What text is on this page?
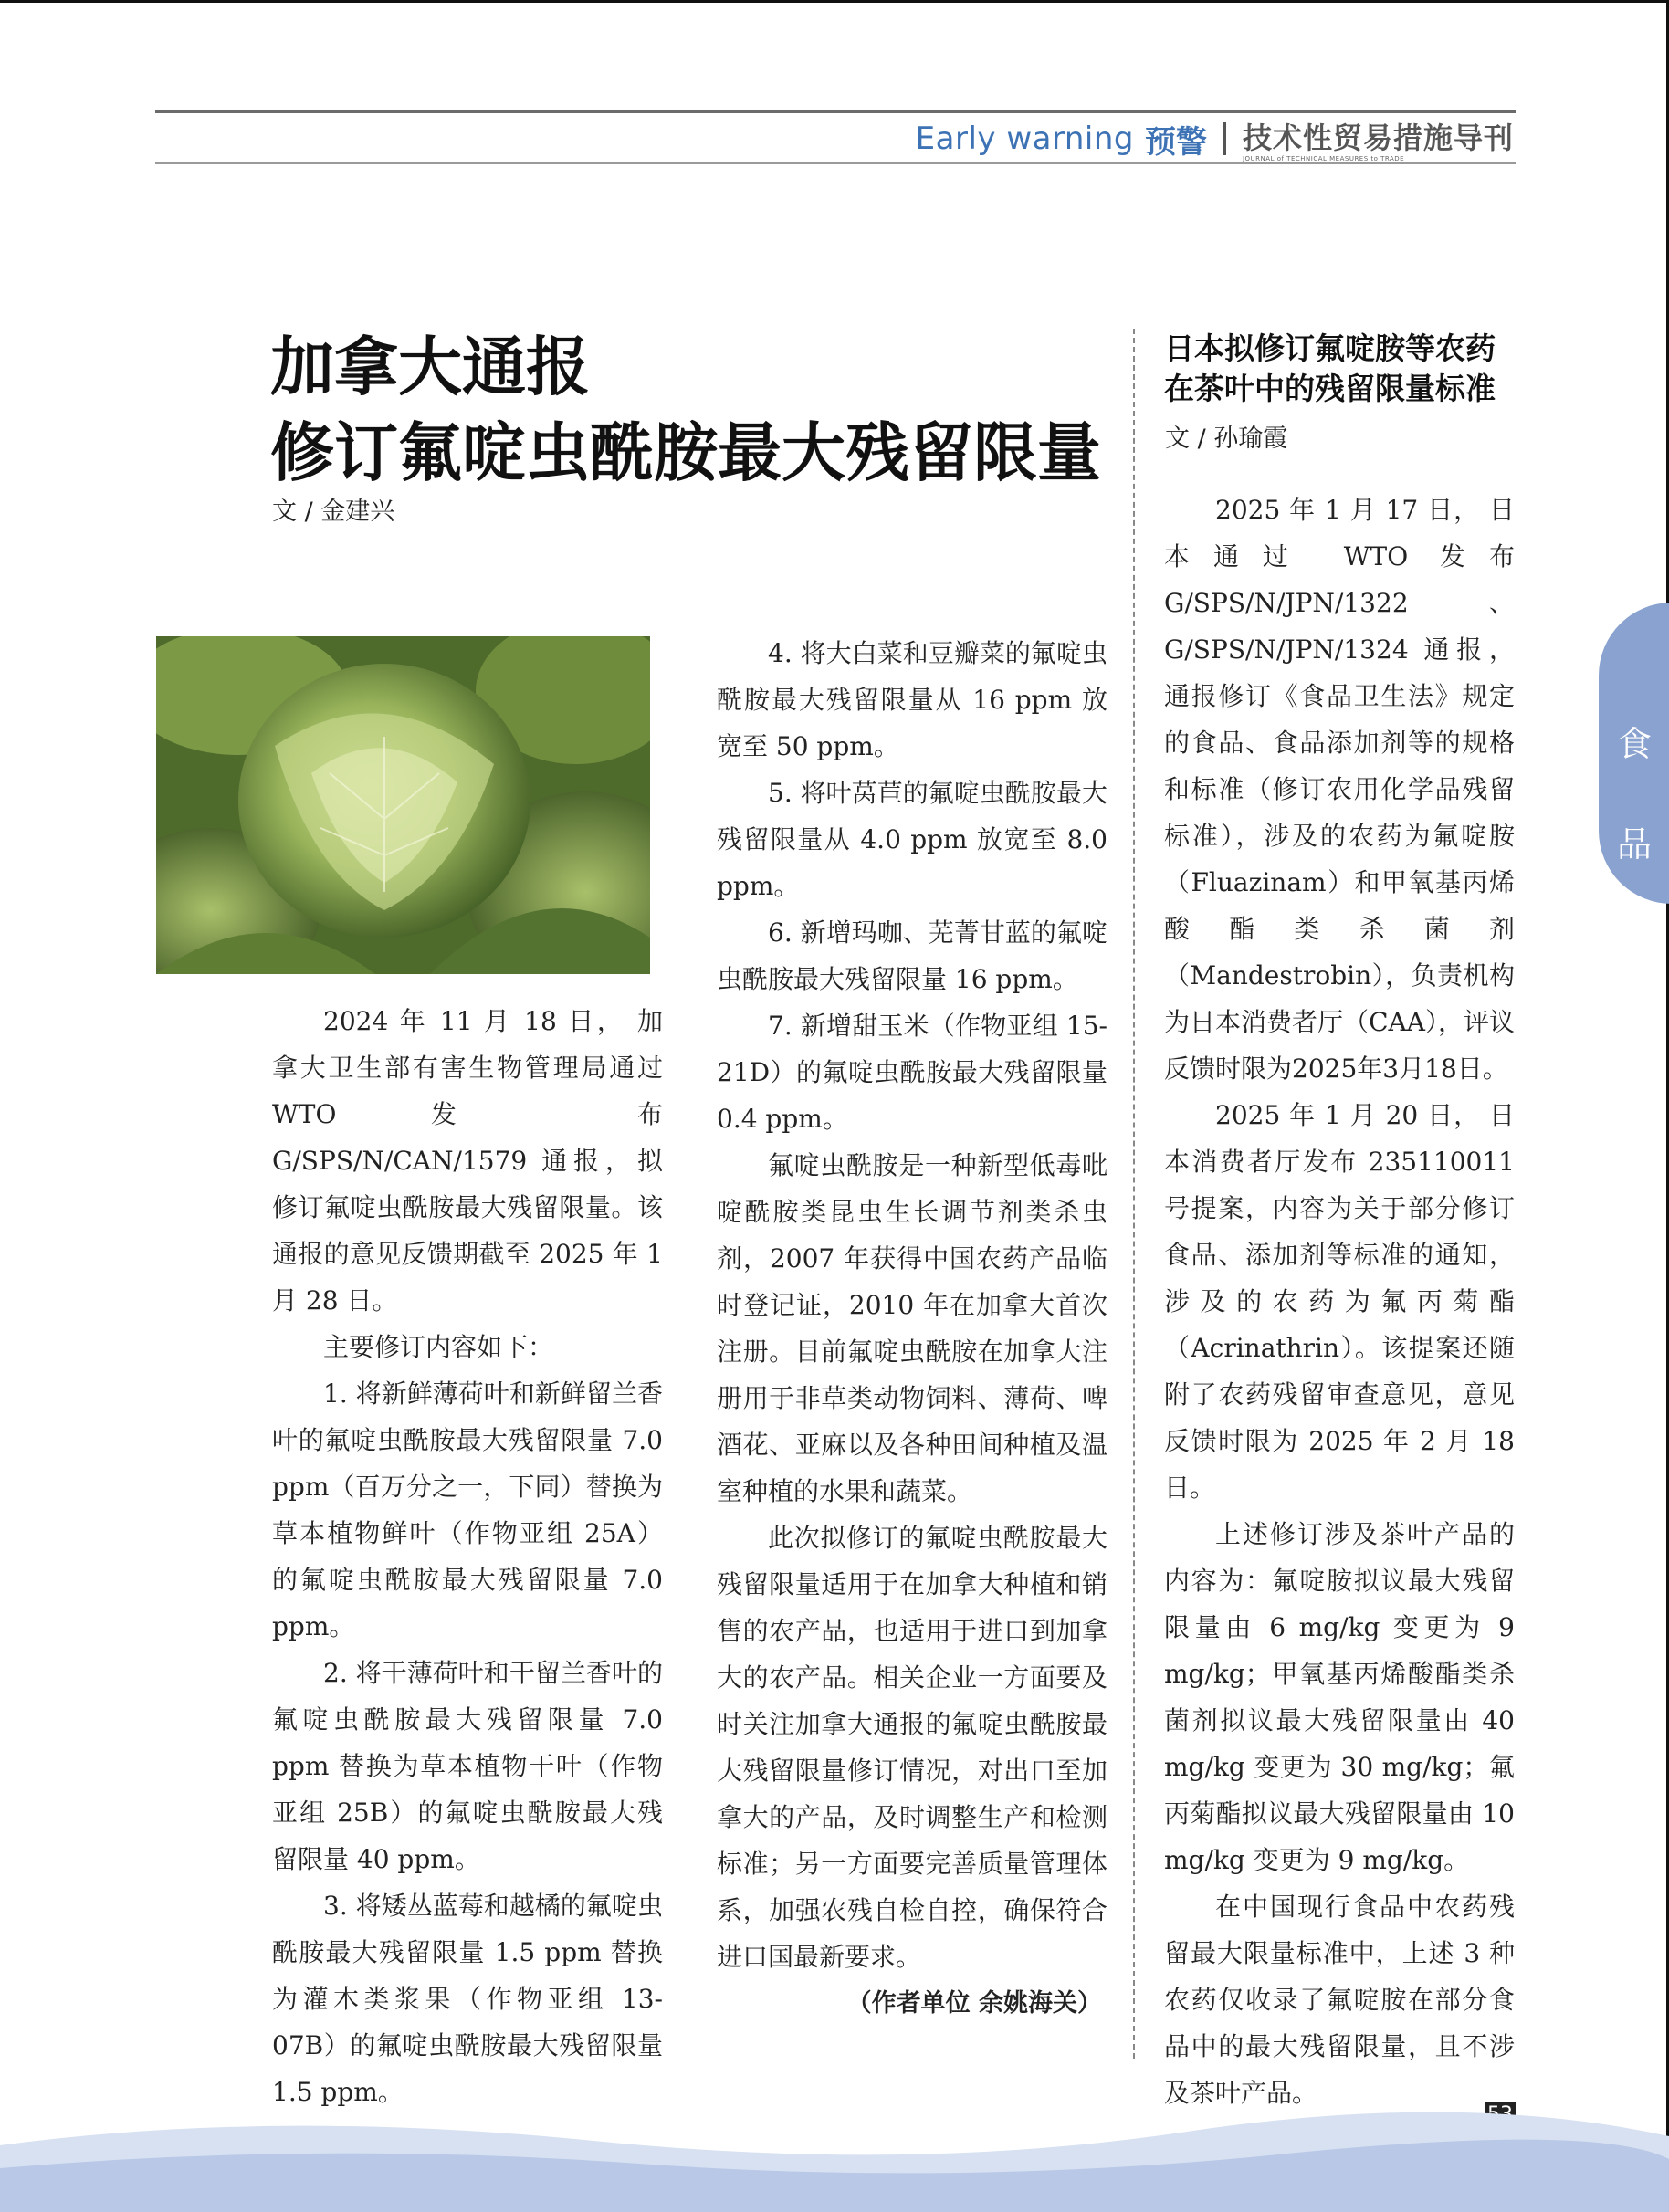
Early warning 预警 技术性贸易措施导刊
JOURNAL of TECHNICAL MEASURES to TRADE
加拿大通报
修订氟啶虫酰胺最大残留限量
文 / 金建兴

2024 年 11 月 18 日， 加 拿大卫生部有害生物管理局通过 WTO 发 布 G/SPS/N/CAN/1579 通报，拟修订氟啶虫酰胺最大残留限量。该通报的意见反馈期截至 2025 年 1 月 28 日。

主要修订内容如下：

1. 将新鲜薄荷叶和新鲜留兰香叶的氟啶虫酰胺最大残留限量 7.0 ppm（百万分之一，下同）替换为草本植物鲜叶（作物亚组 25A）的氟啶虫酰胺最大残留限量 7.0 ppm。

2. 将干薄荷叶和干留兰香叶的氟啶虫酰胺最大残留限量 7.0 ppm 替换为草本植物干叶（作物亚组 25B）的氟啶虫酰胺最大残留限量 40 ppm。

3. 将矮丛蓝莓和越橘的氟啶虫酰胺最大残留限量 1.5 ppm 替换为灌木类浆果（作物亚组 13-07B）的氟啶虫酰胺最大残留限量 1.5 ppm。

4. 将大白菜和豆瓣菜的氟啶虫酰胺最大残留限量从 16 ppm 放宽至 50 ppm。

5. 将叶莴苣的氟啶虫酰胺最大残留限量从 4.0 ppm 放宽至 8.0 ppm。

6. 新增玛咖、芜菁甘蓝的氟啶虫酰胺最大残留限量 16 ppm。

7. 新增甜玉米（作物亚组 15-21D）的氟啶虫酰胺最大残留限量 0.4 ppm。

氟啶虫酰胺是一种新型低毒吡啶酰胺类昆虫生长调节剂类杀虫剂，2007 年获得中国农药产品临时登记证，2010 年在加拿大首次注册。目前氟啶虫酰胺在加拿大注册用于非草类动物饲料、薄荷、啤酒花、亚麻以及各种田间种植及温室种植的水果和蔬菜。

此次拟修订的氟啶虫酰胺最大残留限量适用于在加拿大种植和销售的农产品，也适用于进口到加拿大的农产品。相关企业一方面要及时关注加拿大通报的氟啶虫酰胺最大残留限量修订情况，对出口至加拿大的产品，及时调整生产和检测标准；另一方面要完善质量管理体系，加强农残自检自控，确保符合进口国最新要求。

（作者单位 余姚海关）

日本拟修订氟啶胺等农药
在茶叶中的残留限量标准
文 / 孙瑜霞

2025 年 1 月 17 日， 日本通过 WTO 发布 G/SPS/N/JPN/1322、G/SPS/N/JPN/1324 通报，通报修订《食品卫生法》规定的食品、食品添加剂等的规格和标准（修订农用化学品残留标准），涉及的农药为氟啶胺（Fluazinam）和甲氧基丙烯酸酯类杀菌剂（Mandestrobin），负责机构为日本消费者厅（CAA），评议反馈时限为2025年3月18日。

2025 年 1 月 20 日， 日本消费者厅发布 235110011 号提案，内容为关于部分修订食品、添加剂等标准的通知，涉及的农药为氟丙菊酯（Acrinathrin）。该提案还随附了农药残留审查意见，意见反馈时限为 2025 年 2 月 18 日。

上述修订涉及茶叶产品的内容为：氟啶胺拟议最大残留限量由 6 mg/kg 变更为 9 mg/kg；甲氧基丙烯酸酯类杀菌剂拟议最大残留限量由 40 mg/kg 变更为 30 mg/kg；氟丙菊酯拟议最大残留限量由 10 mg/kg 变更为 9 mg/kg。

在中国现行食品中农药残留最大限量标准中，上述 3 种农药仅收录了氟啶胺在部分食品中的最大残留限量，且不涉及茶叶产品。

食
品
